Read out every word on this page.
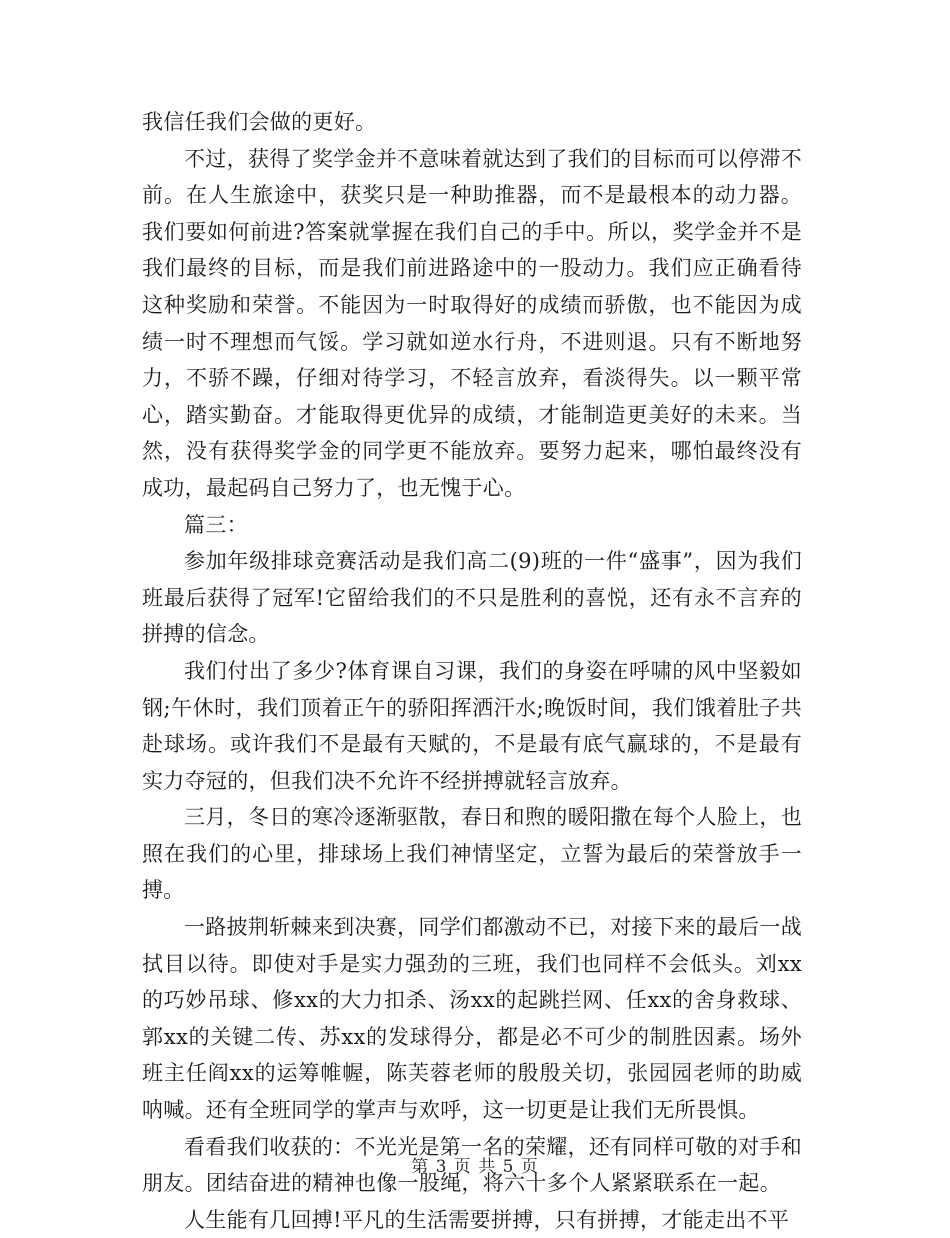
我信任我们会做的更好。

不过，获得了奖学金并不意味着就达到了我们的目标而可以停滞不前。在人生旅途中，获奖只是一种助推器，而不是最根本的动力器。我们要如何前进?答案就掌握在我们自己的手中。所以，奖学金并不是我们最终的目标，而是我们前进路途中的一股动力。我们应正确看待这种奖励和荣誉。不能因为一时取得好的成绩而骄傲，也不能因为成绩一时不理想而气馁。学习就如逆水行舟，不进则退。只有不断地努力，不骄不躁，仔细对待学习，不轻言放弃，看淡得失。以一颗平常心，踏实勤奋。才能取得更优异的成绩，才能制造更美好的未来。当然，没有获得奖学金的同学更不能放弃。要努力起来，哪怕最终没有成功，最起码自己努力了，也无愧于心。

篇三：

参加年级排球竞赛活动是我们高二(9)班的一件“盛事”，因为我们班最后获得了冠军!它留给我们的不只是胜利的喜悦，还有永不言弃的拼搏的信念。

我们付出了多少?体育课自习课，我们的身姿在呼啸的风中坚毅如钢;午休时，我们顶着正午的骄阳挥洒汗水;晚饭时间，我们饿着肚子共赴球场。或许我们不是最有天赋的，不是最有底气赢球的，不是最有实力夺冠的，但我们决不允许不经拼搏就轻言放弃。

三月，冬日的寒冷逐渐驱散，春日和煦的暖阳撒在每个人脸上，也照在我们的心里，排球场上我们神情坚定，立誓为最后的荣誉放手一搏。

一路披荆斩棘来到决赛，同学们都激动不已，对接下来的最后一战拭目以待。即使对手是实力强劲的三班，我们也同样不会低头。刘xx的巧妙吊球、修xx的大力扣杀、汤xx的起跳拦网、任xx的舍身救球、郭xx的关键二传、苏xx的发球得分，都是必不可少的制胜因素。场外班主任阎xx的运筹帷幄，陈芙蓉老师的殷殷关切，张园园老师的助威呐喊。还有全班同学的掌声与欢呼，这一切更是让我们无所畏惧。

看看我们收获的：不光光是第一名的荣耀，还有同样可敬的对手和朋友。团结奋进的精神也像一股绳，将六十多个人紧紧联系在一起。

人生能有几回搏!平凡的生活需要拼搏，只有拼搏，才能走出不平

第 3 页 共 5 页
